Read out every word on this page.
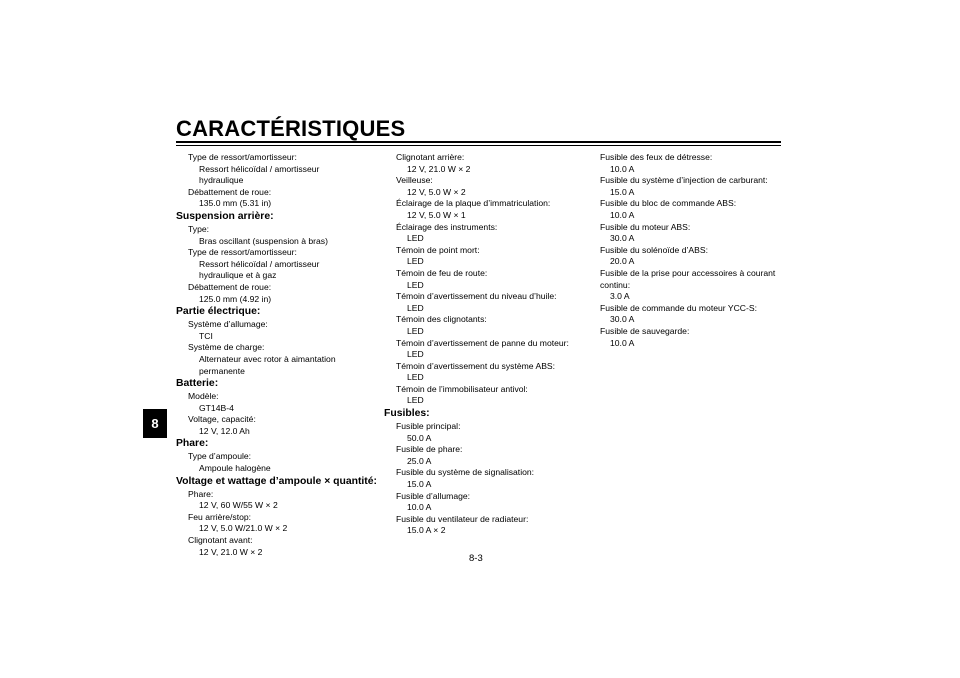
CARACTÉRISTIQUES
8
Type de ressort/amortisseur:
Ressort hélicoïdal / amortisseur
hydraulique
Débattement de roue:
135.0 mm (5.31 in)
Suspension arrière:
Type:
Bras oscillant (suspension à bras)
Type de ressort/amortisseur:
Ressort hélicoïdal / amortisseur
hydraulique et à gaz
Débattement de roue:
125.0 mm (4.92 in)
Partie électrique:
Système d’allumage:
TCI
Système de charge:
Alternateur avec rotor à aimantation
permanente
Batterie:
Modèle:
GT14B-4
Voltage, capacité:
12 V, 12.0 Ah
Phare:
Type d’ampoule:
Ampoule halogène
Voltage et wattage d’ampoule × quantité:
Phare:
12 V, 60 W/55 W × 2
Feu arrière/stop:
12 V, 5.0 W/21.0 W × 2
Clignotant avant:
12 V, 21.0 W × 2
Clignotant arrière:
12 V, 21.0 W × 2
Veilleuse:
12 V, 5.0 W × 2
Éclairage de la plaque d’immatriculation:
12 V, 5.0 W × 1
Éclairage des instruments:
LED
Témoin de point mort:
LED
Témoin de feu de route:
LED
Témoin d’avertissement du niveau d’huile:
LED
Témoin des clignotants:
LED
Témoin d’avertissement de panne du moteur:
LED
Témoin d’avertissement du système ABS:
LED
Témoin de l’immobilisateur antivol:
LED
Fusibles:
Fusible principal:
50.0 A
Fusible de phare:
25.0 A
Fusible du système de signalisation:
15.0 A
Fusible d’allumage:
10.0 A
Fusible du ventilateur de radiateur:
15.0 A × 2
Fusible des feux de détresse:
10.0 A
Fusible du système d’injection de carburant:
15.0 A
Fusible du bloc de commande ABS:
10.0 A
Fusible du moteur ABS:
30.0 A
Fusible du solénoïde d’ABS:
20.0 A
Fusible de la prise pour accessoires à courant
continu:
3.0 A
Fusible de commande du moteur YCC-S:
30.0 A
Fusible de sauvegarde:
10.0 A
8-3
